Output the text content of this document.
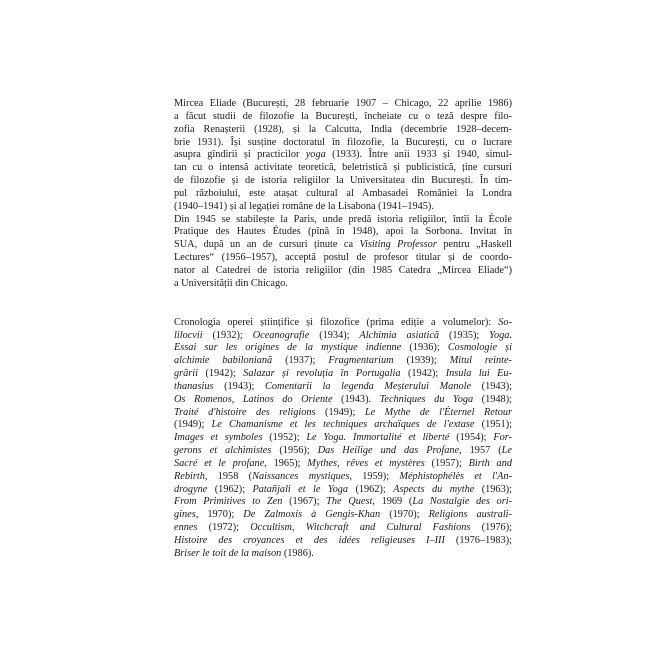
Mircea Eliade (București, 28 februarie 1907 – Chicago, 22 aprilie 1986)
a făcut studii de filozofie la București, încheiate cu o teză despre filo-
zofia Renașterii (1928), și la Calcutta, India (decembrie 1928–decem-
brie 1931). Își susține doctoratul în filozofie, la București, cu o lucrare
asupra gîndirii și practicilor yoga (1933). Între anii 1933 și 1940, simul-
tan cu o intensă activitate teoretică, beletristică și publicistică, ține cursuri
de filozofie și de istoria religiilor la Universitatea din București. În tim-
pul războiului, este atașat cultural al Ambasadei României la Londra
(1940–1941) și al legației române de la Lisabona (1941–1945).
Din 1945 se stabilește la Paris, unde predă istoria religiilor, întîi la École
Pratique des Hautes Études (pînă în 1948), apoi la Sorbona. Invitat în
SUA, după un an de cursuri ținute ca Visiting Professor pentru „Haskell
Lectures“ (1956–1957), acceptă postul de profesor titular și de coordo-
nator al Catedrei de istoria religiilor (din 1985 Catedra „Mircea Eliade“)
a Universității din Chicago.
Cronologia operei științifice și filozofice (prima ediție a volumelor): So-
lilocvii (1932); Oceanografie (1934); Alchimia asiatică (1935); Yoga.
Essai sur les origines de la mystique indienne (1936); Cosmologie și
alchimie babiloniană (1937); Fragmentarium (1939); Mitul reinte-
grării (1942); Salazar și revoluția în Portugalia (1942); Insula lui Eu-
thanasius (1943); Comentarii la legenda Meșterului Manole (1943);
Os Romenos, Latinos do Oriente (1943). Techniques du Yoga (1948);
Traité d'histoire des religions (1949); Le Mythe de l'Éternel Retour
(1949); Le Chamanisme et les techniques archaïques de l'extase (1951);
Images et symboles (1952); Le Yoga. Immortalité et liberté (1954); For-
gerons et alchimistes (1956); Das Heilige und das Profane, 1957 (Le
Sacré et le profane, 1965); Mythes, rêves et mystères (1957); Birth and
Rebirth, 1958 (Naissances mystiques, 1959); Méphistophélès et l'An-
drogyne (1962); Patañjali et le Yoga (1962); Aspects du mythe (1963);
From Primitives to Zen (1967); The Quest, 1969 (La Nostalgie des ori-
gines, 1970); De Zalmoxis à Gengis-Khan (1970); Religions australi-
ennes (1972); Occultism, Witchcraft and Cultural Fashions (1976);
Histoire des croyances et des idées religieuses I–III (1976–1983);
Briser le toit de la maison (1986).
